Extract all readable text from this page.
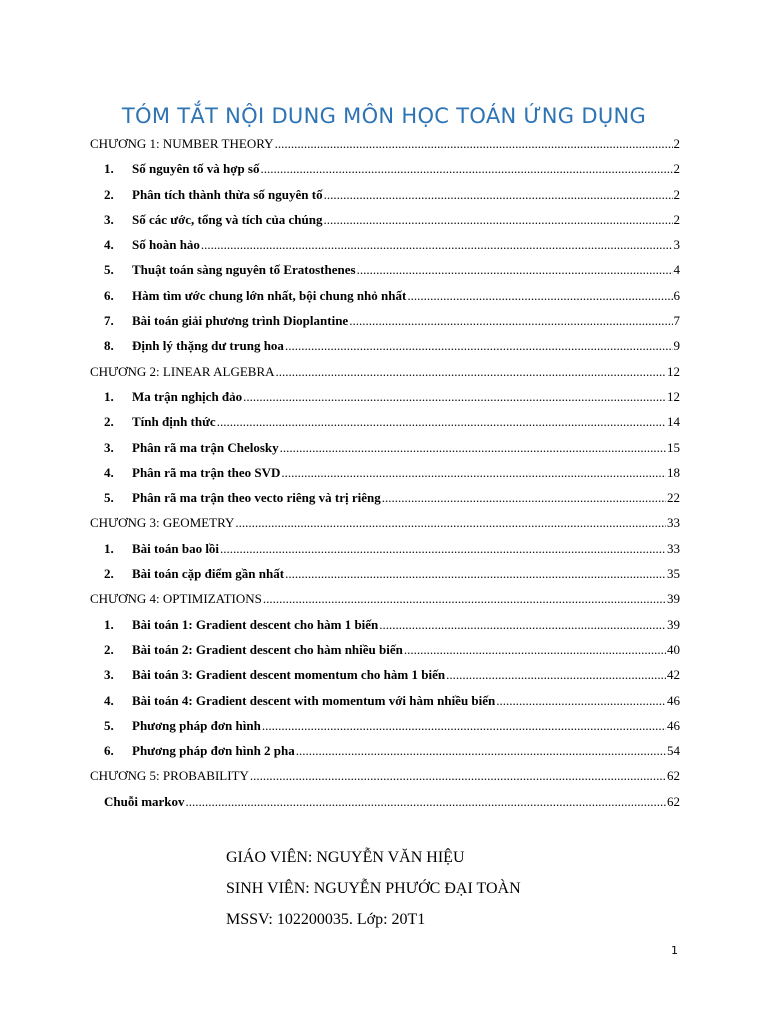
TÓM TẮT NỘI DUNG MÔN HỌC TOÁN ỨNG DỤNG
CHƯƠNG 1: NUMBER THEORY .....	2
1.	Số nguyên tố và hợp số .....	2
2.	Phân tích thành thừa số nguyên tố .....	2
3.	Số các ước, tổng và tích của chúng .....	2
4.	Số hoàn hảo .....	3
5.	Thuật toán sàng nguyên tố Eratosthenes .....	4
6.	Hàm tìm ước chung lớn nhất, bội chung nhỏ nhất .....	6
7.	Bài toán giải phương trình Dioplantine .....	7
8.	Định lý thặng dư trung hoa .....	9
CHƯƠNG 2: LINEAR ALGEBRA .....	12
1.	Ma trận nghịch đảo .....	12
2.	Tính định thức .....	14
3.	Phân rã ma trận Chelosky .....	15
4.	Phân rã ma trận theo SVD .....	18
5.	Phân rã ma trận theo vecto riêng và trị riêng .....	22
CHƯƠNG 3: GEOMETRY .....	33
1.	Bài toán bao lồi .....	33
2.	Bài toán cặp điểm gần nhất .....	35
CHƯƠNG 4: OPTIMIZATIONS .....	39
1.	Bài toán 1: Gradient descent cho hàm 1 biến .....	39
2.	Bài toán 2: Gradient descent cho hàm nhiều biến .....	40
3.	Bài toán 3: Gradient descent momentum cho hàm 1 biến .....	42
4.	Bài toán 4: Gradient descent with momentum với hàm nhiều biến .....	46
5.	Phương pháp đơn hình .....	46
6.	Phương pháp đơn hình 2 pha .....	54
CHƯƠNG 5: PROBABILITY .....	62
Chuỗi markov .....	62
GIÁO VIÊN: NGUYỄN VĂN HIỆU
SINH VIÊN: NGUYỄN PHƯỚC ĐẠI TOÀN
MSSV: 102200035. Lớp: 20T1
1
